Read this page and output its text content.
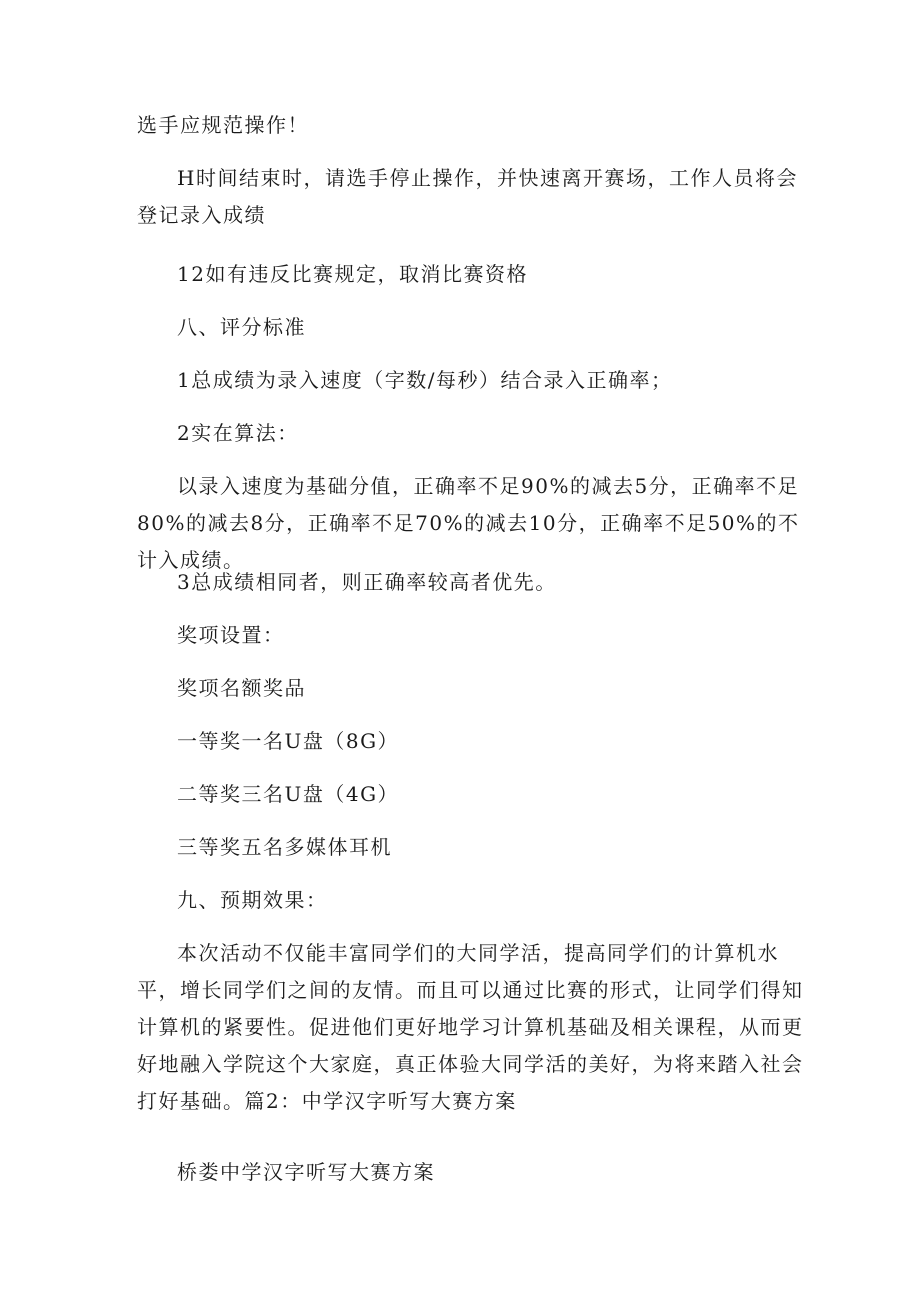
选手应规范操作！

H时间结束时，请选手停止操作，并快速离开赛场，工作人员将会登记录入成绩

12如有违反比赛规定，取消比赛资格

八、评分标准

1总成绩为录入速度（字数/每秒）结合录入正确率；

2实在算法：

以录入速度为基础分值，正确率不足90%的减去5分，正确率不足80%的减去8分，正确率不足70%的减去10分，正确率不足50%的不计入成绩。

3总成绩相同者，则正确率较高者优先。

奖项设置：

奖项名额奖品

一等奖一名U盘（8G）

二等奖三名U盘（4G）

三等奖五名多媒体耳机

九、预期效果：

本次活动不仅能丰富同学们的大同学活，提高同学们的计算机水平，增长同学们之间的友情。而且可以通过比赛的形式，让同学们得知计算机的紧要性。促进他们更好地学习计算机基础及相关课程，从而更好地融入学院这个大家庭，真正体验大同学活的美好，为将来踏入社会打好基础。篇2：中学汉字听写大赛方案

桥娄中学汉字听写大赛方案
